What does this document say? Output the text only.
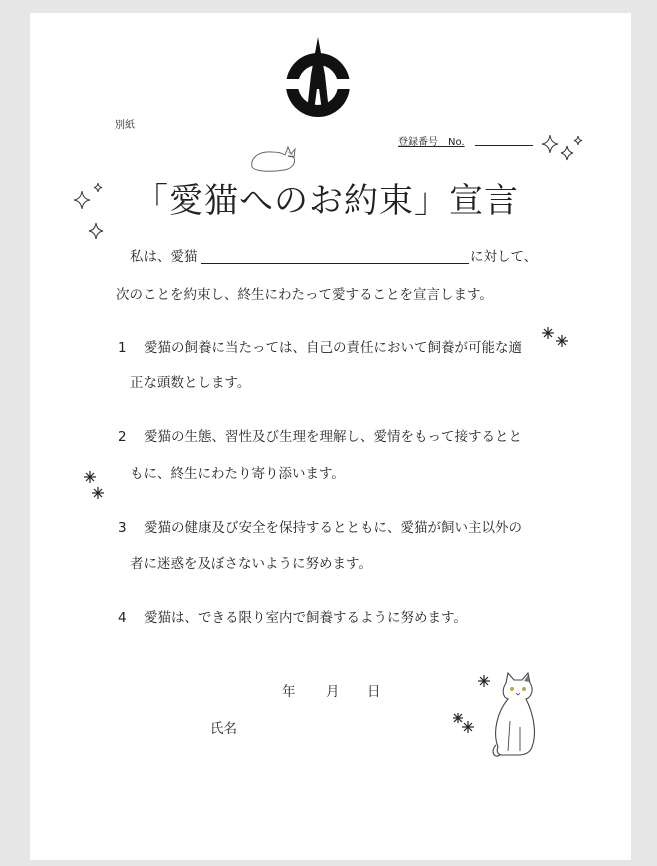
別紙
登録番号　No.
「愛猫へのお約束」宣言
私は、愛猫	に対して、
次のことを約束し、終生にわたって愛することを宣言します。
1 愛猫の飼養に当たっては、自己の責任において飼養が可能な適
正な頭数とします。
2 愛猫の生態、習性及び生理を理解し、愛情をもって接するとと
もに、終生にわたり寄り添います。
3 愛猫の健康及び安全を保持するとともに、愛猫が飼い主以外の
者に迷惑を及ぼさないように努めます。
4 愛猫は、できる限り室内で飼養するように努めます。
年 月 日
氏名
